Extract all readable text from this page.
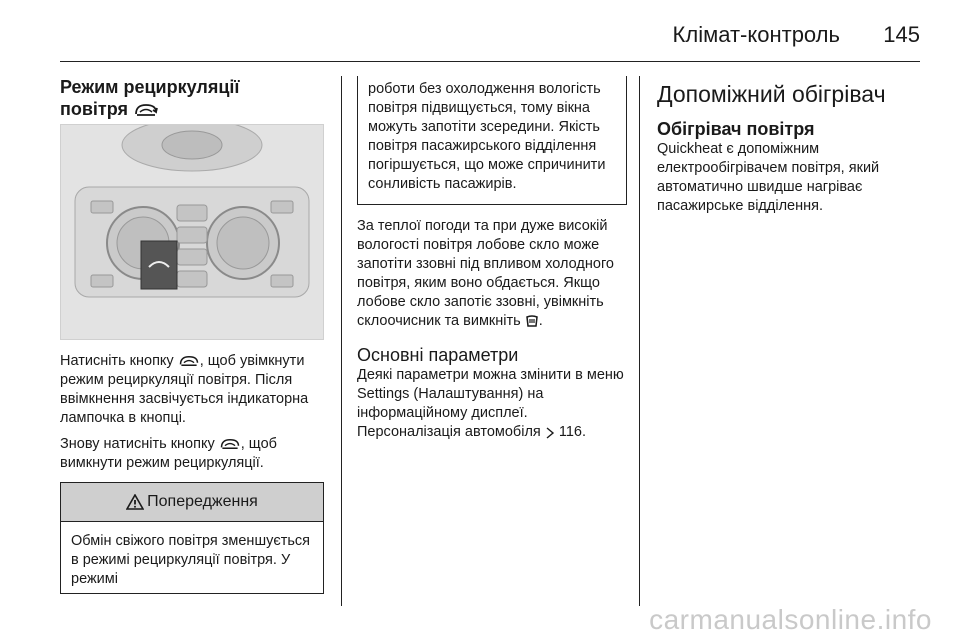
Клімат-контроль 145
Режим рециркуляції
повітря

Натисніть кнопку , щоб увімкнути режим рециркуляції повітря. Після ввімкнення засвічується індикаторна лампочка в кнопці.

Знову натисніть кнопку , щоб вимкнути режим рециркуляції.

Попередження

Обмін свіжого повітря зменшується в режимі рециркуляції повітря. У режимі

роботи без охолодження вологість повітря підвищується, тому вікна можуть запотіти зсередини. Якість повітря пасажирського відділення погіршується, що може спричинити сонливість пасажирів.

За теплої погоди та при дуже високій вологості повітря лобове скло може запотіти ззовні під впливом холодного повітря, яким воно обдається. Якщо лобове скло запотіє ззовні, увімкніть склоочисник та вимкніть .

Основні параметри

Деякі параметри можна змінити в меню Settings (Налаштування) на інформаційному дисплеї.

Персоналізація автомобіля  116.

Допоміжний обігрівач
Обігрівач повітря

Quickheat є допоміжним електрообігрівачем повітря, який автоматично швидше нагріває пасажирське відділення.

carmanualsonline.info
